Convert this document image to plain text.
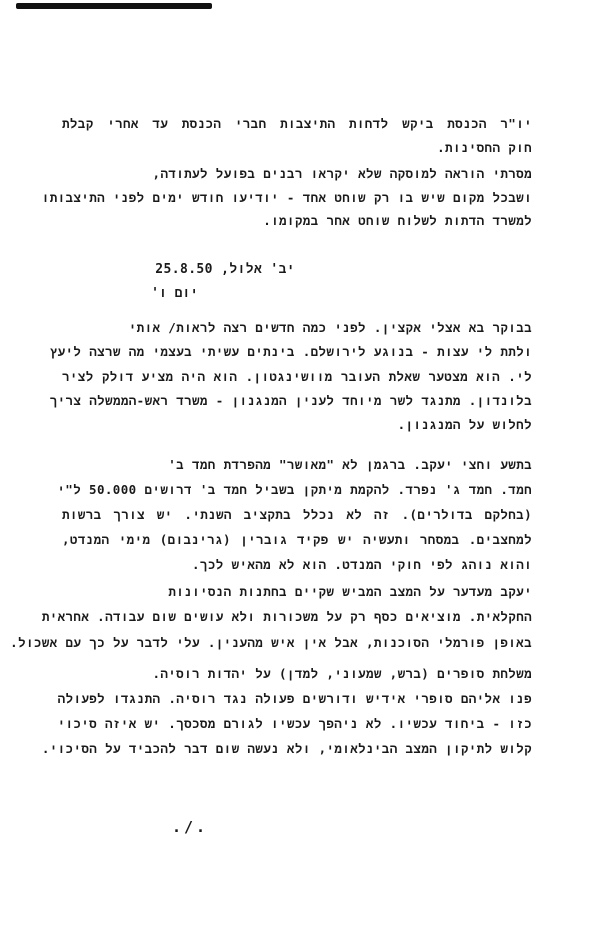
יו"ר הכנסת ביקש לדחות התיצבות חברי הכנסת עד אחרי קבלת
חוק החסינות.
מסרתי הוראה למוסקה שלא יקראו רבנים בפועל לעתודה,
ושבכל מקום שיש בו רק שוחט אחד - יודיעו חודש ימים לפני התיצבותו
למשרד הדתות לשלוח שוחט אחר במקומו.
יב' אלול, 25.8.50
יום ו'
בבוקר בא אצלי אקצין. לפני כמה חדשים רצה לראות/ אותי
ולתת לי עצות - בנוגע לירושלם. בינתים עשיתי בעצמי מה שרצה ליעץ
לי. הוא מצטער שאלת העובר מוושינגטון. הוא היה מציע דולק לציר
בלונדון. מתנגד לשר מיוחד לענין המנגנון - משרד ראש-הממשלה צריך
לחלוש על המנגנון.
בתשע וחצי יעקב. ברגמן לא "מאושר" מהפרדת חמד ב'
חמד. חמד ג' נפרד. להקמת מיתקן בשביל חמד ב' דרושים 50.000 ל"י
(בחלקם בדולרים). זה לא נכלל בתקציב השנתי. יש צורך ברשות
למחצבים. במסחר ותעשיה יש פקיד גוברין (גרינבום) מימי המנדט,
והוא נוהג לפי חוקי המנדט. הוא לא מהאיש לכך.
יעקב מעדער על המצב המביש שקיים בחתנות הנסיונות
החקלאית. מוציאים כסף רק על משכורות ולא עושים שום עבודה. אחראית
באופן פורמלי הסוכנות, אבל אין איש מהענין. עלי לדבר על כך עם אשכול.
משלחת סופרים (ברש, שמעוני, למדן) על יהדות רוסיה.
פנו אליהם סופרי אידיש ודורשים פעולה נגד רוסיה. התנגדו לפעולה
כזו - ביחוד עכשיו. לא ניהפך עכשיו לגורם מסכסך. יש איזה סיכוי
קלוש לתיקון המצב הבינלאומי, ולא נעשה שום דבר להכביד על הסיכוי.
./.
